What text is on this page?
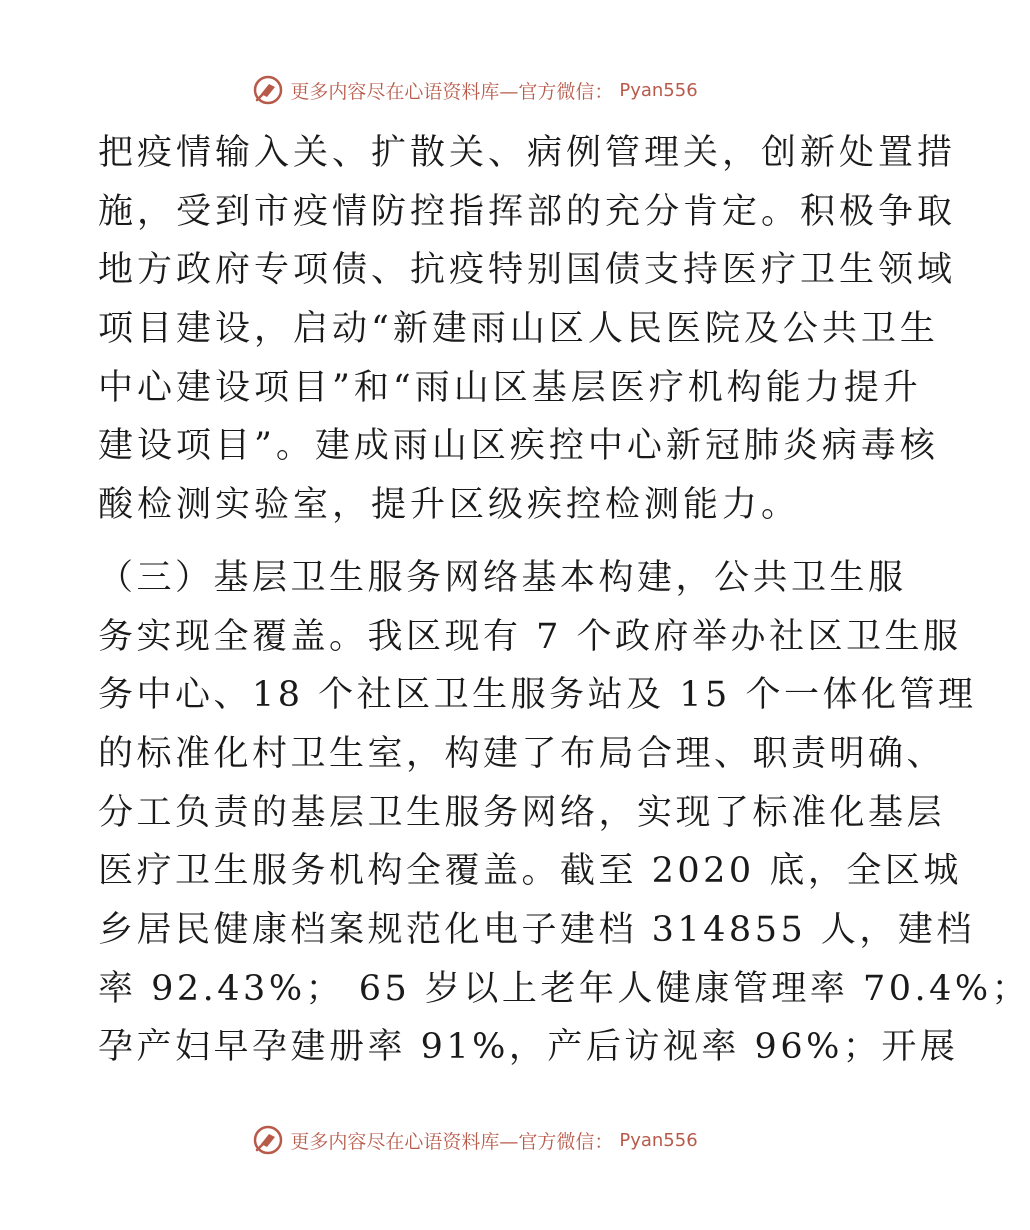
更多内容尽在心语资料库—官方微信： Pyan556
把疫情输入关、扩散关、病例管理关，创新处置措
施，受到市疫情防控指挥部的充分肯定。积极争取
地方政府专项债、抗疫特别国债支持医疗卫生领域
项目建设，启动“新建雨山区人民医院及公共卫生
中心建设项目”和“雨山区基层医疗机构能力提升
建设项目”。建成雨山区疾控中心新冠肺炎病毒核
酸检测实验室，提升区级疾控检测能力。
（三）基层卫生服务网络基本构建，公共卫生服
务实现全覆盖。我区现有 7 个政府举办社区卫生服
务中心、18 个社区卫生服务站及 15 个一体化管理
的标准化村卫生室，构建了布局合理、职责明确、
分工负责的基层卫生服务网络，实现了标准化基层
医疗卫生服务机构全覆盖。截至 2020 底，全区城
乡居民健康档案规范化电子建档 314855 人，建档
率 92.43%； 65 岁以上老年人健康管理率 70.4%；
孕产妇早孕建册率 91%，产后访视率 96%；开展
更多内容尽在心语资料库—官方微信： Pyan556
